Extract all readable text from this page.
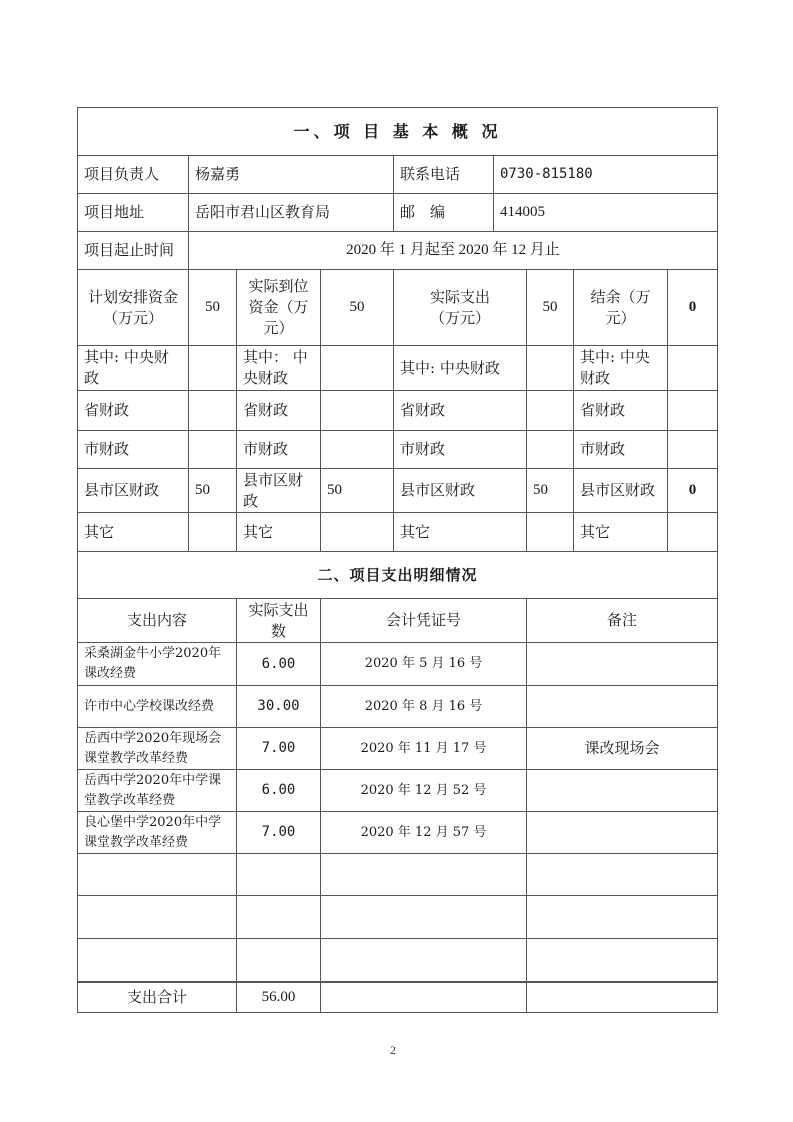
一、项 目 基 本 概 况			
项目负责人	杨嘉勇	联系电话	0730-815180
项目地址	岳阳市君山区教育局	邮　编	414005
项目起止时间	2020 年 1 月起至 2020 年 12 月止		
计划安排资金（万元）	50	实际到位资金（万元）	50	实际支出（万元）	50	结余（万元）	0
其中: 中央财政		其中： 中央财政		其中: 中央财政		其中: 中央财政	
省财政		省财政		省财政		省财政	
市财政		市财政		市财政		市财政	
县市区财政	50	县市区财政	50	县市区财政	50	县市区财政	0
其它		其它		其它		其它	
二、项目支出明细情况			
支出内容	实际支出数	会计凭证号	备注
采桑湖金牛小学2020年课改经费	6.00	2020 年 5 月 16 号	
许市中心学校课改经费	30.00	2020 年 8 月 16 号	
岳西中学2020年现场会课堂教学改革经费	7.00	2020 年 11 月 17 号	课改现场会
岳西中学2020年中学课堂教学改革经费	6.00	2020 年 12 月 52 号	
良心堡中学2020年中学课堂教学改革经费	7.00	2020 年 12 月 57 号	

支出合计	56.00		
2
